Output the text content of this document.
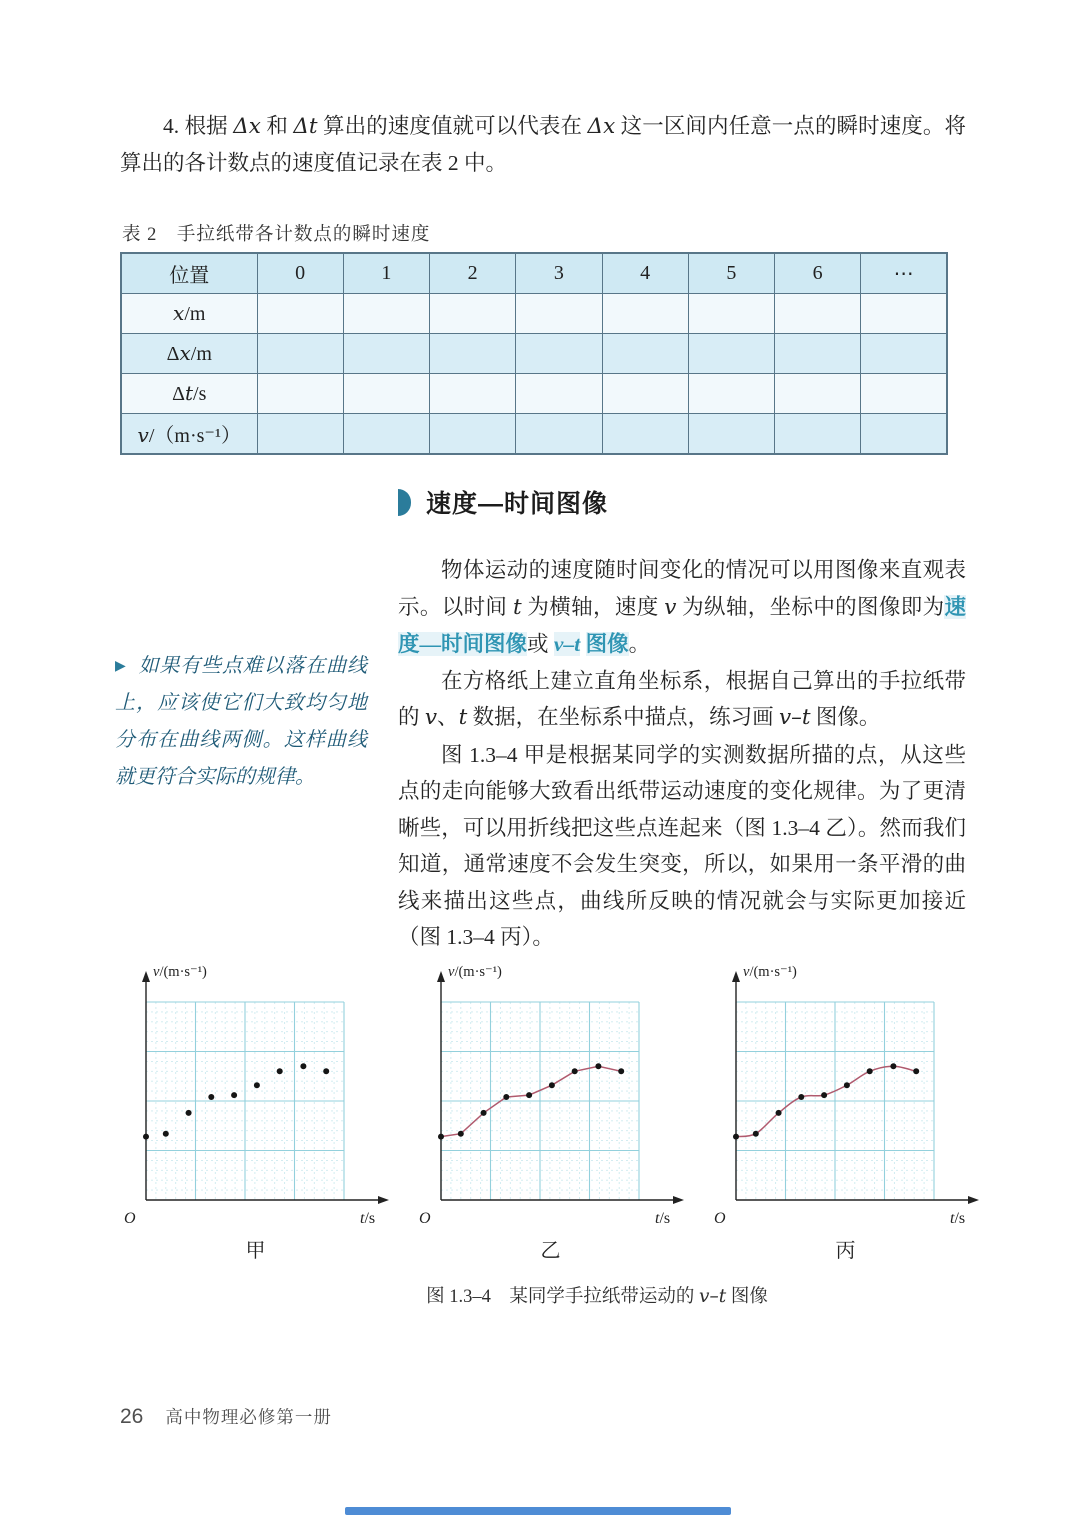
4. 根据 Δx 和 Δt 算出的速度值就可以代表在 Δx 这一区间内任意一点的瞬时速度。将算出的各计数点的速度值记录在表 2 中。

表 2　手拉纸带各计数点的瞬时速度
位置	0	1	2	3	4	5	6	⋯
x/m								
Δx/m								
Δt/s								
v/（m·s⁻¹）								
速度—时间图像

物体运动的速度随时间变化的情况可以用图像来直观表示。以时间 t 为横轴，速度 v 为纵轴，坐标中的图像即为速度—时间图像或 v–t 图像。

在方格纸上建立直角坐标系，根据自己算出的手拉纸带的 v、t 数据，在坐标系中描点，练习画 v–t 图像。

图 1.3–4 甲是根据某同学的实测数据所描的点，从这些点的走向能够大致看出纸带运动速度的变化规律。为了更清晰些，可以用折线把这些点连起来（图 1.3–4 乙）。然而我们知道，通常速度不会发生突变，所以，如果用一条平滑的曲线来描出这些点，曲线所反映的情况就会与实际更加接近（图 1.3–4 丙）。

▶ 如果有些点难以落在曲线上，应该使它们大致均匀地分布在曲线两侧。这样曲线就更符合实际的规律。
v/(m·s⁻¹)
t/s
O
甲
v/(m·s⁻¹)
t/s
O
乙
v/(m·s⁻¹)
t/s
O
丙
图 1.3–4　某同学手拉纸带运动的 v–t 图像
26 高中物理必修第一册
